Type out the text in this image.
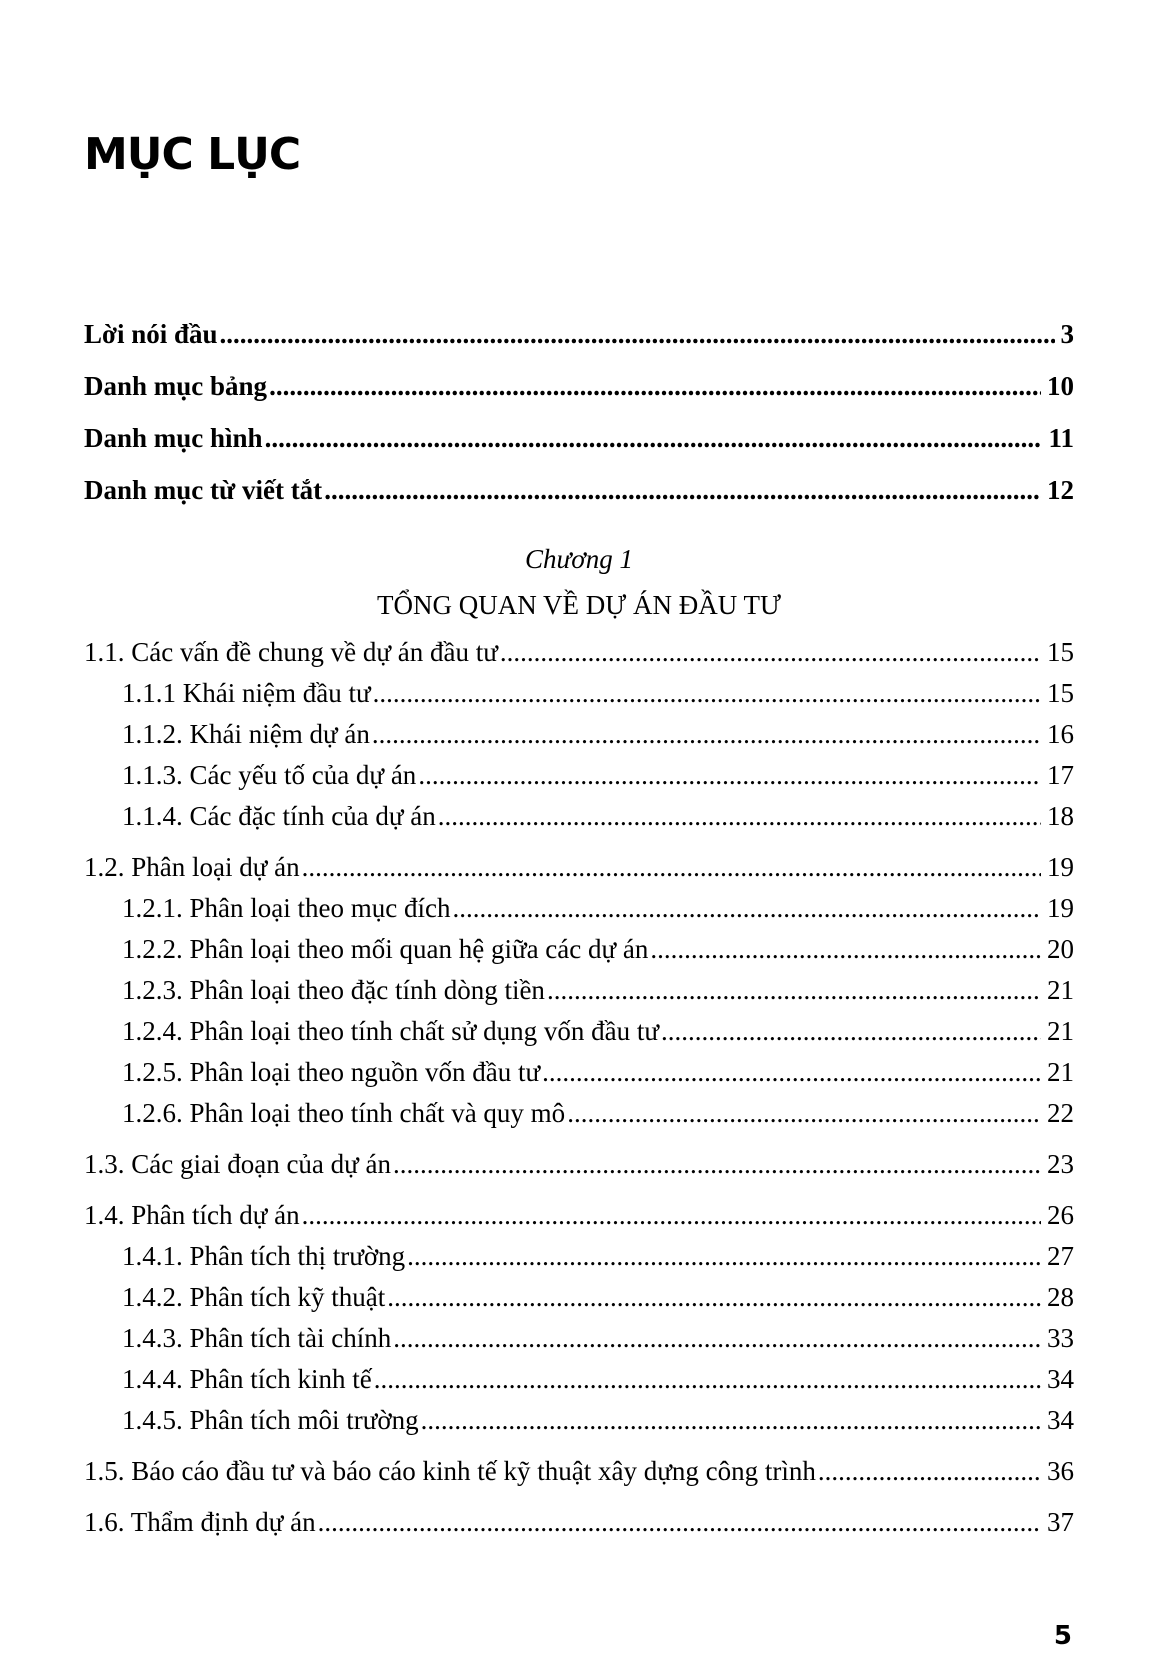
MỤC LỤC
Lời nói đầu .....	3
Danh mục bảng .....	10
Danh mục hình .....	11
Danh mục từ viết tắt .....	12
Chương 1
TỔNG QUAN VỀ DỰ ÁN ĐẦU TƯ
1.1. Các vấn đề chung về dự án đầu tư .....	15
1.1.1 Khái niệm đầu tư .....	15
1.1.2. Khái niệm dự án .....	16
1.1.3. Các yếu tố của dự án .....	17
1.1.4. Các đặc tính của dự án .....	18
1.2. Phân loại dự án .....	19
1.2.1. Phân loại theo mục đích .....	19
1.2.2. Phân loại theo mối quan hệ giữa các dự án .....	20
1.2.3. Phân loại theo đặc tính dòng tiền .....	21
1.2.4. Phân loại theo tính chất sử dụng vốn đầu tư .....	21
1.2.5. Phân loại theo nguồn vốn đầu tư .....	21
1.2.6. Phân loại theo tính chất và quy mô .....	22
1.3. Các giai đoạn của dự án .....	23
1.4. Phân tích dự án .....	26
1.4.1. Phân tích thị trường .....	27
1.4.2. Phân tích kỹ thuật .....	28
1.4.3. Phân tích tài chính .....	33
1.4.4. Phân tích kinh tế .....	34
1.4.5. Phân tích môi trường .....	34
1.5. Báo cáo đầu tư và báo cáo kinh tế kỹ thuật xây dựng công trình .....	36
1.6. Thẩm định dự án .....	37
5
